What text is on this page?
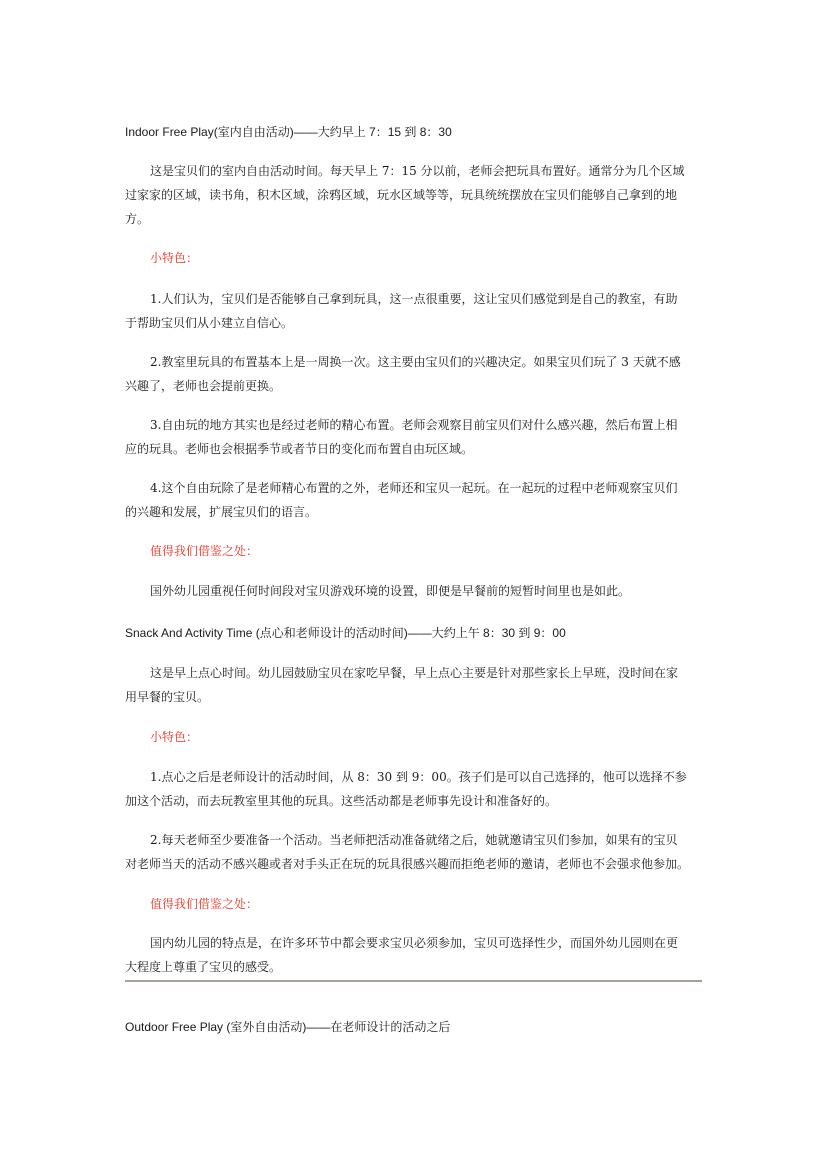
Indoor Free Play(室内自由活动)——大约早上 7：15 到 8：30
这是宝贝们的室内自由活动时间。每天早上 7：15 分以前，老师会把玩具布置好。通常分为几个区域
过家家的区域，读书角，积木区域，涂鸦区域，玩水区域等等，玩具统统摆放在宝贝们能够自己拿到的地
方。
小特色：
1.人们认为，宝贝们是否能够自己拿到玩具，这一点很重要，这让宝贝们感觉到是自己的教室，有助
于帮助宝贝们从小建立自信心。
2.教室里玩具的布置基本上是一周换一次。这主要由宝贝们的兴趣决定。如果宝贝们玩了 3 天就不感
兴趣了，老师也会提前更换。
3.自由玩的地方其实也是经过老师的精心布置。老师会观察目前宝贝们对什么感兴趣，然后布置上相
应的玩具。老师也会根据季节或者节日的变化而布置自由玩区域。
4.这个自由玩除了是老师精心布置的之外，老师还和宝贝一起玩。在一起玩的过程中老师观察宝贝们
的兴趣和发展，扩展宝贝们的语言。
值得我们借鉴之处：
国外幼儿园重视任何时间段对宝贝游戏环境的设置，即便是早餐前的短暂时间里也是如此。
Snack And Activity Time (点心和老师设计的活动时间)——大约上午 8：30 到 9：00
这是早上点心时间。幼儿园鼓励宝贝在家吃早餐，早上点心主要是针对那些家长上早班，没时间在家
用早餐的宝贝。
小特色：
1.点心之后是老师设计的活动时间，从 8：30 到 9：00。孩子们是可以自己选择的，他可以选择不参
加这个活动，而去玩教室里其他的玩具。这些活动都是老师事先设计和准备好的。
2.每天老师至少要准备一个活动。当老师把活动准备就绪之后，她就邀请宝贝们参加，如果有的宝贝
对老师当天的活动不感兴趣或者对手头正在玩的玩具很感兴趣而拒绝老师的邀请，老师也不会强求他参加。
值得我们借鉴之处：
国内幼儿园的特点是，在许多环节中都会要求宝贝必须参加，宝贝可选择性少，而国外幼儿园则在更
大程度上尊重了宝贝的感受。
Outdoor Free Play (室外自由活动)——在老师设计的活动之后
